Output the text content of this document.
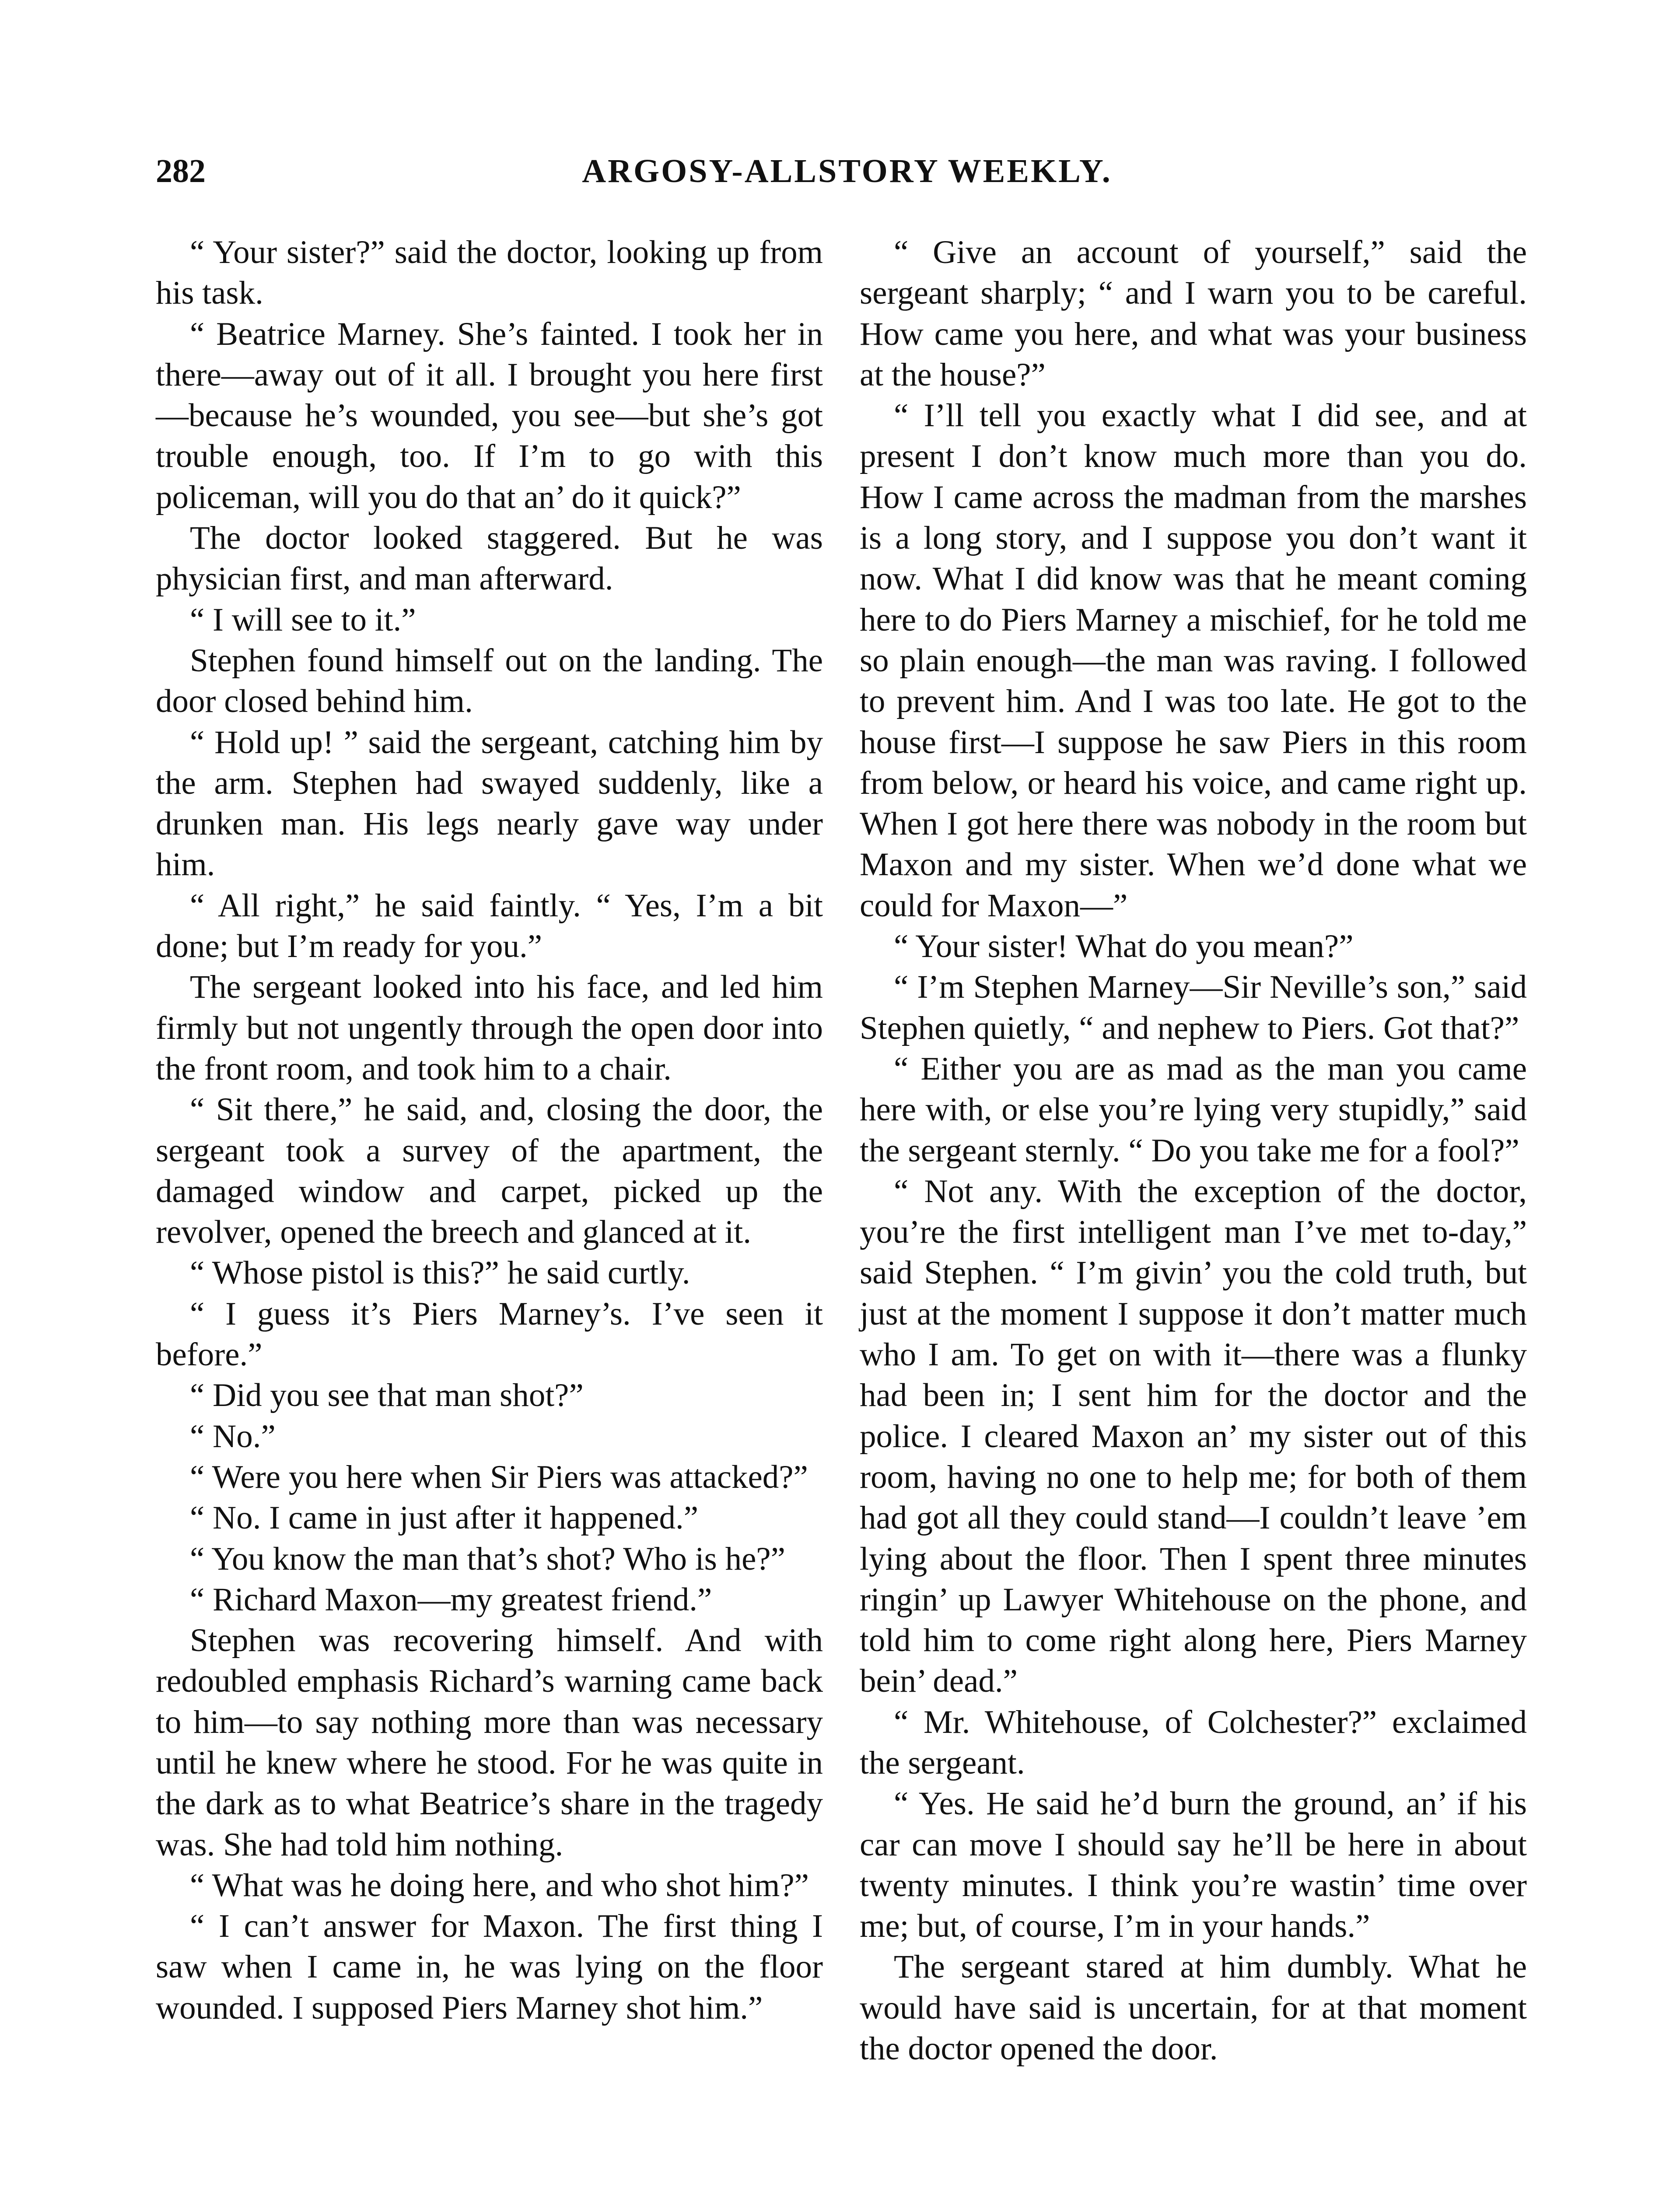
282	ARGOSY-ALLSTORY WEEKLY.

“ Your sister?” said the doctor, looking up from his task.

“ Beatrice Marney. She’s fainted. I took her in there—away out of it all. I brought you here first—because he’s wounded, you see—but she’s got trouble enough, too. If I’m to go with this policeman, will you do that an’ do it quick?”

The doctor looked staggered. But he was physician first, and man afterward.

“ I will see to it.”

Stephen found himself out on the landing. The door closed behind him.

“ Hold up! ” said the sergeant, catching him by the arm. Stephen had swayed suddenly, like a drunken man. His legs nearly gave way under him.

“ All right,” he said faintly. “ Yes, I’m a bit done; but I’m ready for you.”

The sergeant looked into his face, and led him firmly but not ungently through the open door into the front room, and took him to a chair.

“ Sit there,” he said, and, closing the door, the sergeant took a survey of the apartment, the damaged window and carpet, picked up the revolver, opened the breech and glanced at it.

“ Whose pistol is this?” he said curtly.

“ I guess it’s Piers Marney’s. I’ve seen it before.”

“ Did you see that man shot?”

“ No.”

“ Were you here when Sir Piers was attacked?”

“ No. I came in just after it happened.”

“ You know the man that’s shot? Who is he?”

“ Richard Maxon—my greatest friend.”

Stephen was recovering himself. And with redoubled emphasis Richard’s warning came back to him—to say nothing more than was necessary until he knew where he stood. For he was quite in the dark as to what Beatrice’s share in the tragedy was. She had told him nothing.

“ What was he doing here, and who shot him?”

“ I can’t answer for Maxon. The first thing I saw when I came in, he was lying on the floor wounded. I supposed Piers Marney shot him.”

“ Give an account of yourself,” said the sergeant sharply; “ and I warn you to be careful. How came you here, and what was your business at the house?”

“ I’ll tell you exactly what I did see, and at present I don’t know much more than you do. How I came across the madman from the marshes is a long story, and I suppose you don’t want it now. What I did know was that he meant coming here to do Piers Marney a mischief, for he told me so plain enough—the man was raving. I followed to prevent him. And I was too late. He got to the house first—I suppose he saw Piers in this room from below, or heard his voice, and came right up. When I got here there was nobody in the room but Maxon and my sister. When we’d done what we could for Maxon—”

“ Your sister! What do you mean?”

“ I’m Stephen Marney—Sir Neville’s son,” said Stephen quietly, “ and nephew to Piers. Got that?”

“ Either you are as mad as the man you came here with, or else you’re lying very stupidly,” said the sergeant sternly. “ Do you take me for a fool?”

“ Not any. With the exception of the doctor, you’re the first intelligent man I’ve met to-day,” said Stephen. “ I’m givin’ you the cold truth, but just at the moment I suppose it don’t matter much who I am. To get on with it—there was a flunky had been in; I sent him for the doctor and the police. I cleared Maxon an’ my sister out of this room, having no one to help me; for both of them had got all they could stand—I couldn’t leave ’em lying about the floor. Then I spent three minutes ringin’ up Lawyer Whitehouse on the phone, and told him to come right along here, Piers Marney bein’ dead.”

“ Mr. Whitehouse, of Colchester?” exclaimed the sergeant.

“ Yes. He said he’d burn the ground, an’ if his car can move I should say he’ll be here in about twenty minutes. I think you’re wastin’ time over me; but, of course, I’m in your hands.”

The sergeant stared at him dumbly. What he would have said is uncertain, for at that moment the doctor opened the door.
